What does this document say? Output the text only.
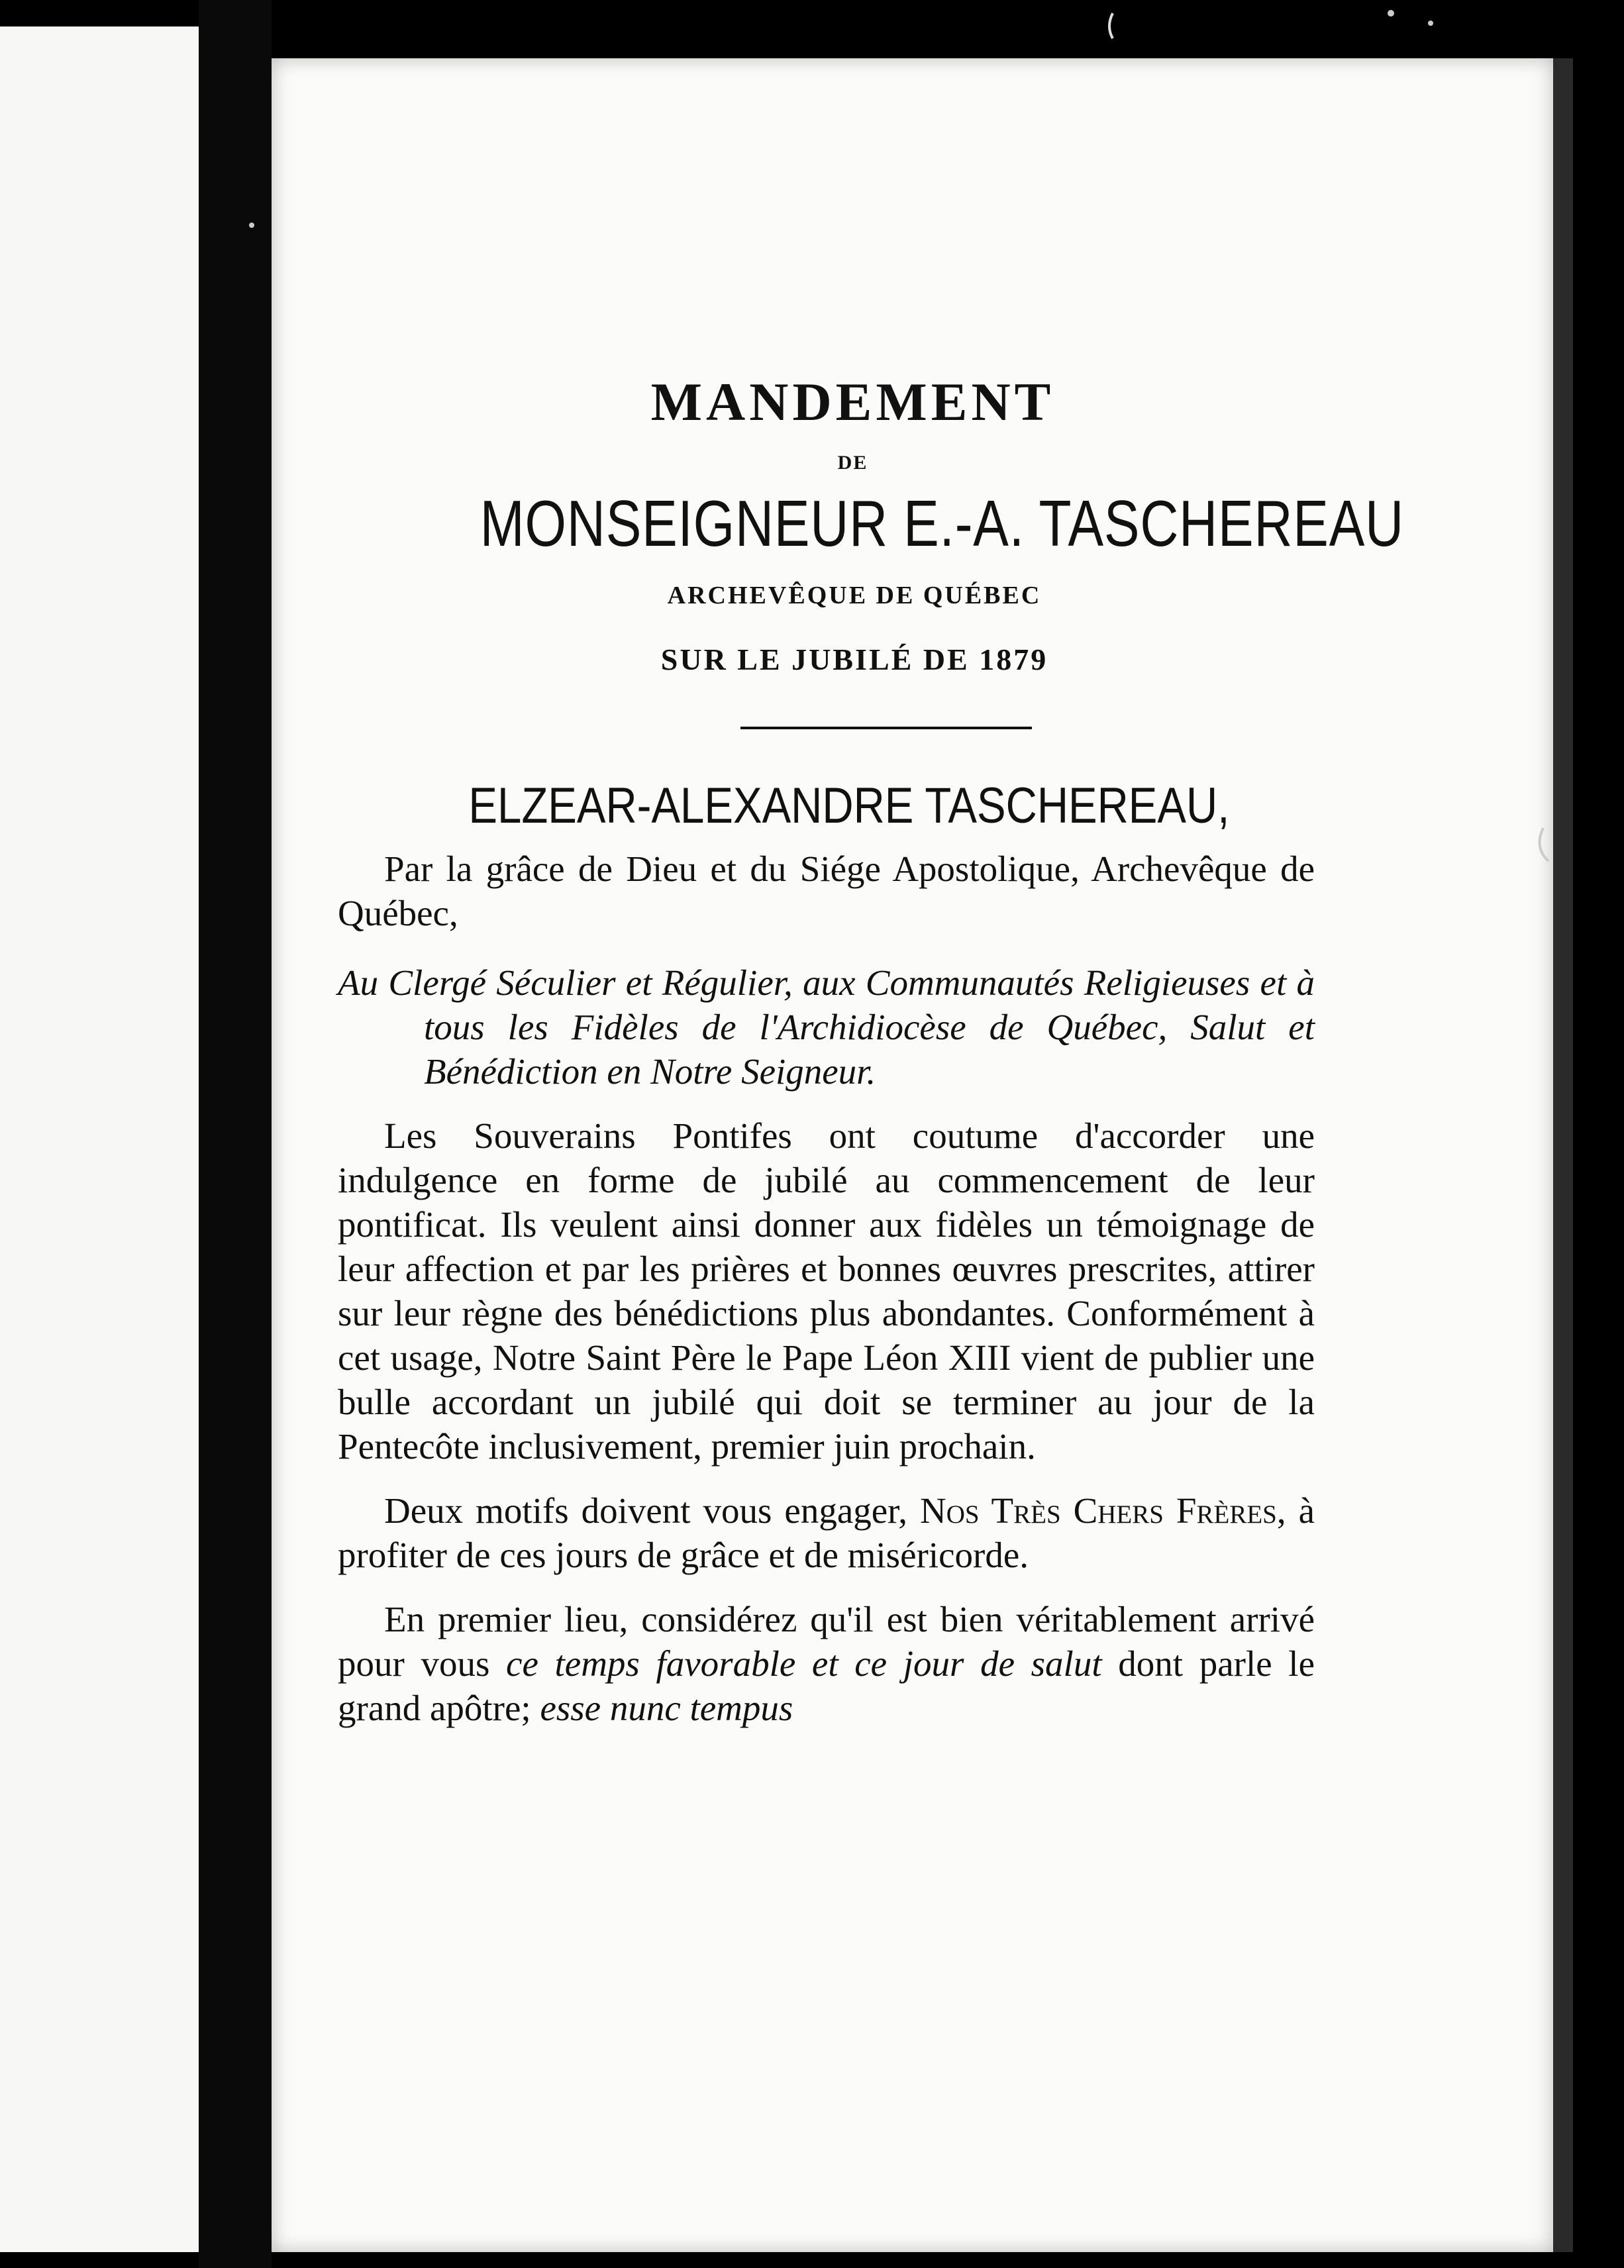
MANDEMENT

DE

MONSEIGNEUR E.-A. TASCHEREAU

ARCHEVÊQUE DE QUÉBEC

SUR LE JUBILÉ DE 1879

ELZEAR-ALEXANDRE TASCHEREAU,

Par la grâce de Dieu et du Siége Apostolique, Archevêque de Québec,

Au Clergé Séculier et Régulier, aux Communautés Religieuses et à tous les Fidèles de l'Archidiocèse de Québec, Salut et Bénédiction en Notre Seigneur.

Les Souverains Pontifes ont coutume d'accorder une indulgence en forme de jubilé au commencement de leur pontificat. Ils veulent ainsi donner aux fidèles un témoignage de leur affection et par les prières et bonnes œuvres prescrites, attirer sur leur règne des bénédictions plus abondantes. Conformément à cet usage, Notre Saint Père le Pape Léon XIII vient de publier une bulle accordant un jubilé qui doit se terminer au jour de la Pentecôte inclusivement, premier juin prochain.

Deux motifs doivent vous engager, Nos Très Chers Frères, à profiter de ces jours de grâce et de miséricorde.

En premier lieu, considérez qu'il est bien véritablement arrivé pour vous ce temps favorable et ce jour de salut dont parle le grand apôtre; esse nunc tempus
